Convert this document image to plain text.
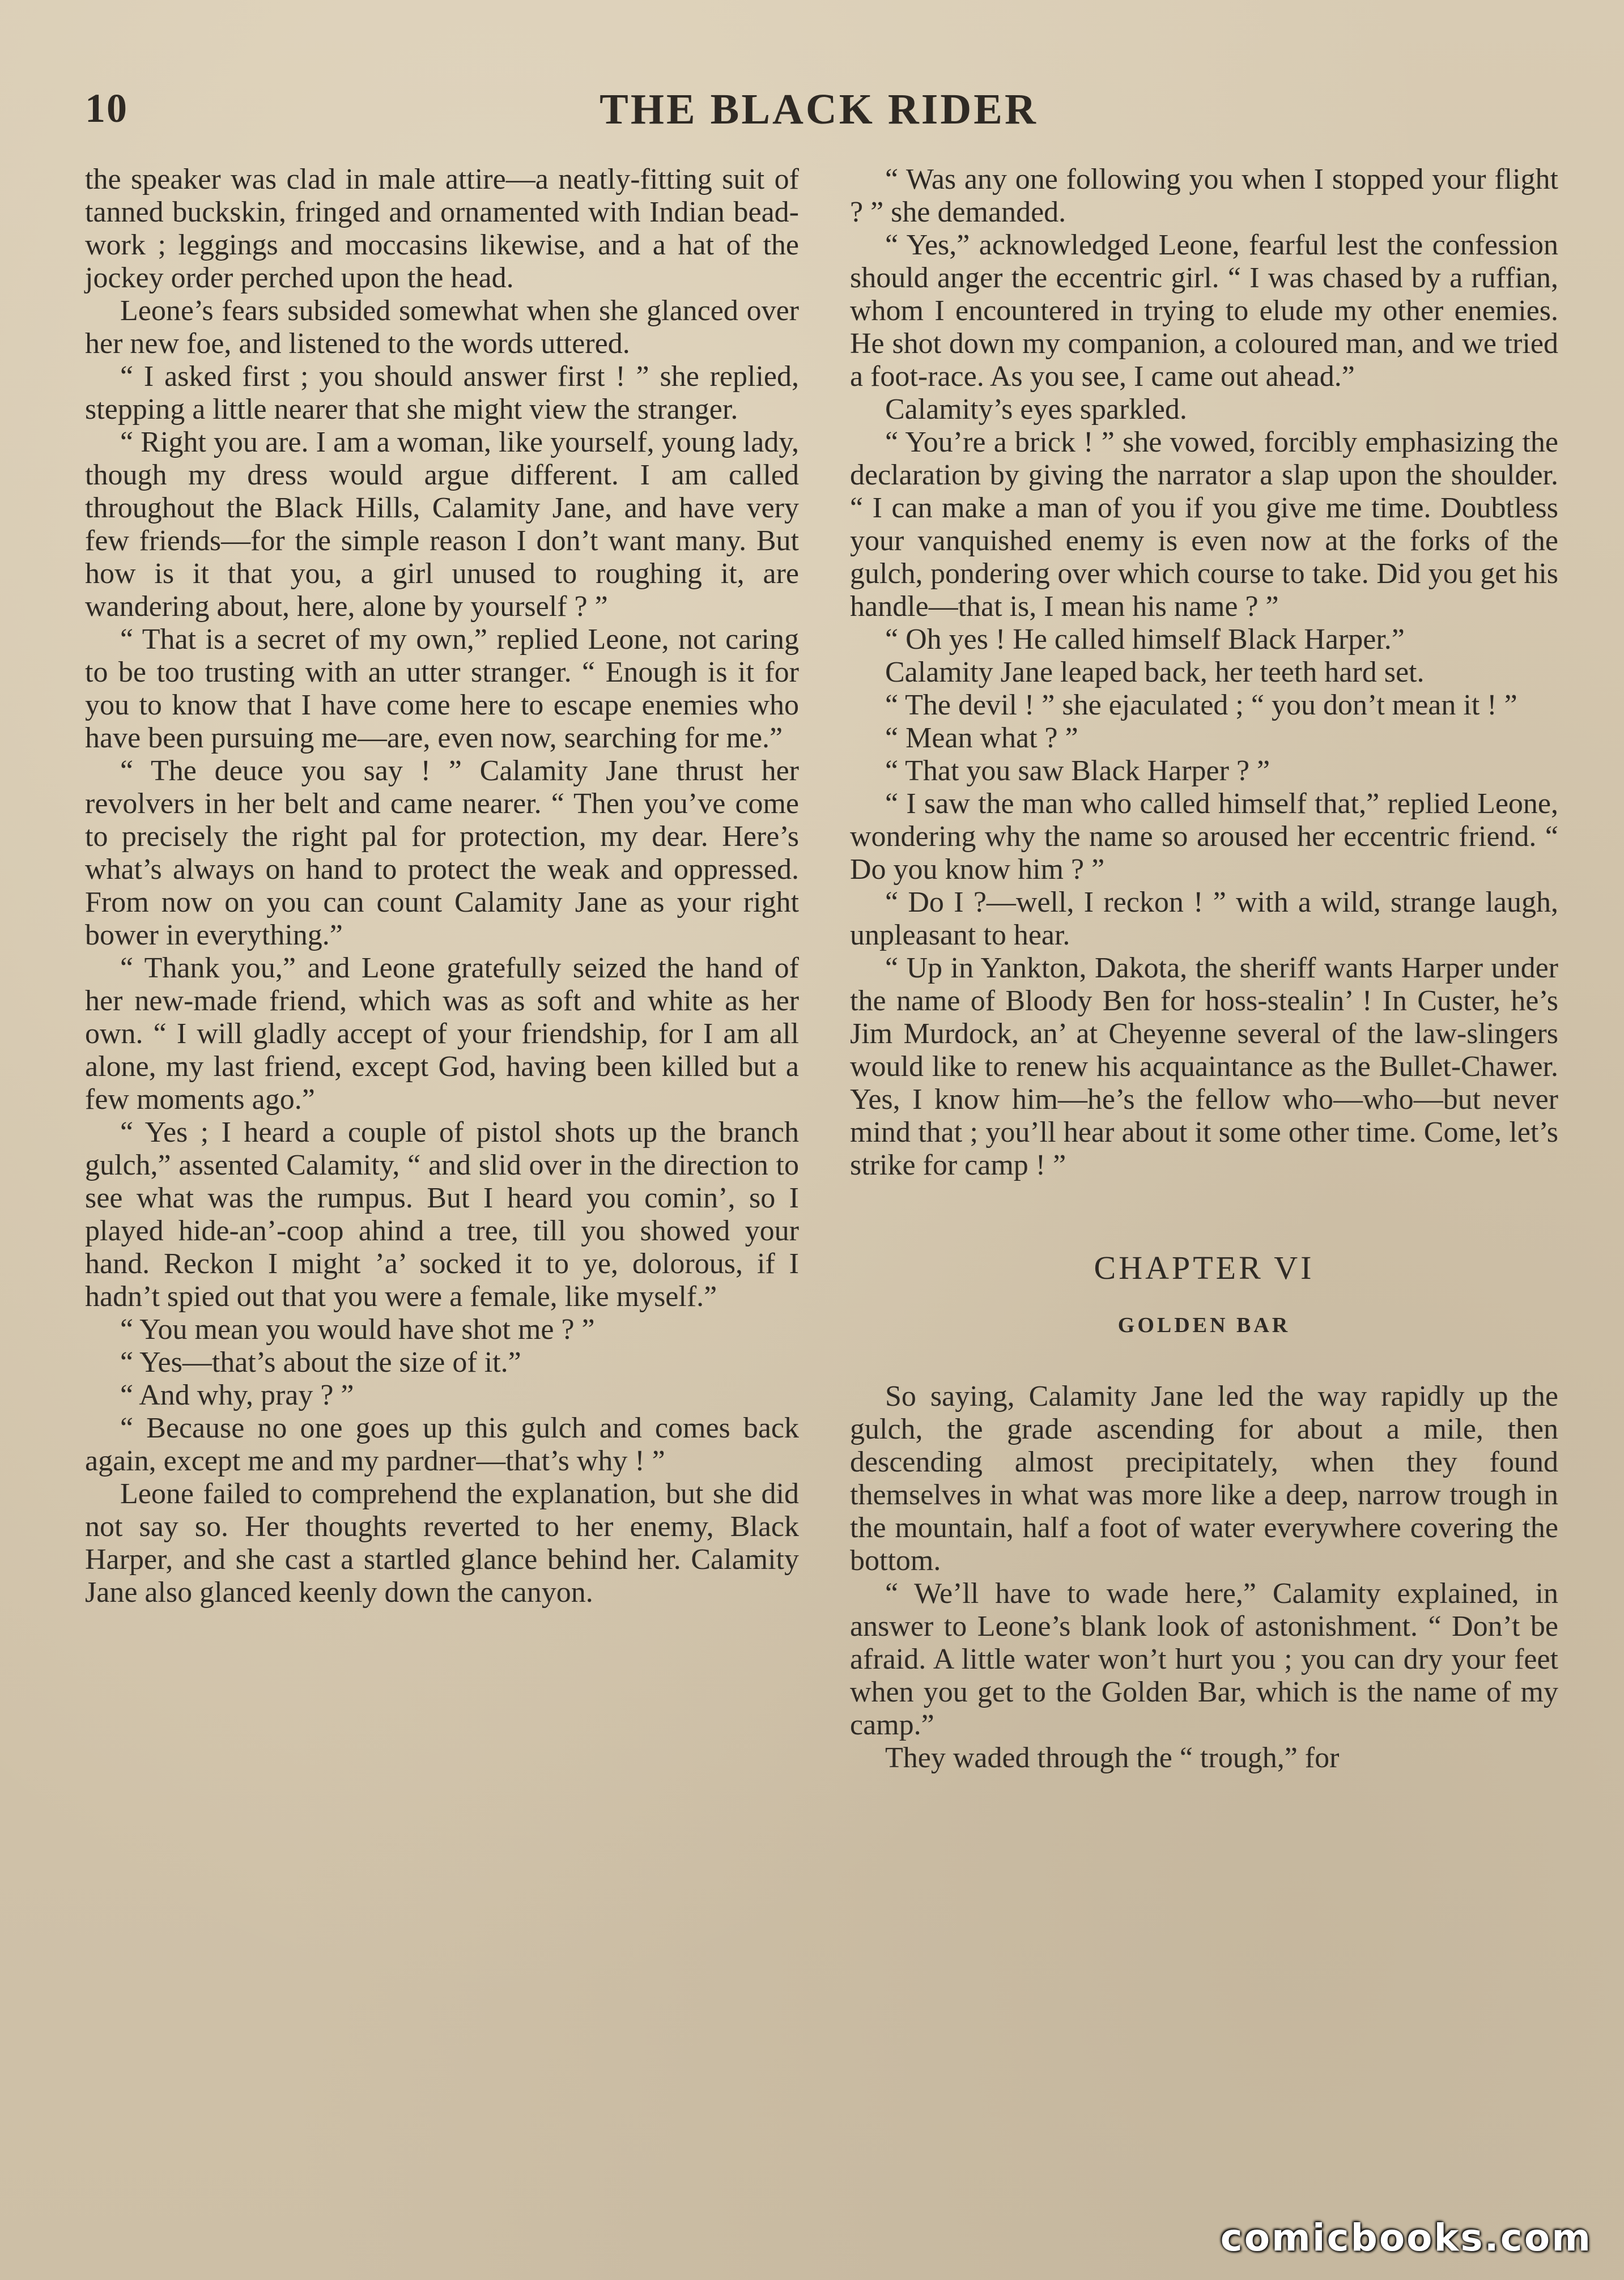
10	THE BLACK RIDER

the speaker was clad in male attire—a neatly-fitting suit of tanned buckskin, fringed and ornamented with Indian bead-work ; leggings and moccasins likewise, and a hat of the jockey order perched upon the head.

Leone’s fears subsided somewhat when she glanced over her new foe, and listened to the words uttered.

“ I asked first ; you should answer first ! ” she replied, stepping a little nearer that she might view the stranger.

“ Right you are. I am a woman, like yourself, young lady, though my dress would argue different. I am called throughout the Black Hills, Calamity Jane, and have very few friends—for the simple reason I don’t want many. But how is it that you, a girl unused to roughing it, are wandering about, here, alone by yourself ? ”

“ That is a secret of my own,” replied Leone, not caring to be too trusting with an utter stranger. “ Enough is it for you to know that I have come here to escape enemies who have been pursuing me—are, even now, searching for me.”

“ The deuce you say ! ” Calamity Jane thrust her revolvers in her belt and came nearer. “ Then you’ve come to precisely the right pal for protection, my dear. Here’s what’s always on hand to protect the weak and oppressed. From now on you can count Calamity Jane as your right bower in everything.”

“ Thank you,” and Leone gratefully seized the hand of her new-made friend, which was as soft and white as her own. “ I will gladly accept of your friendship, for I am all alone, my last friend, except God, having been killed but a few moments ago.”

“ Yes ; I heard a couple of pistol shots up the branch gulch,” assented Calamity, “ and slid over in the direction to see what was the rumpus. But I heard you comin’, so I played hide-an’-coop ahind a tree, till you showed your hand. Reckon I might ’a’ socked it to ye, dolorous, if I hadn’t spied out that you were a female, like myself.”

“ You mean you would have shot me ? ”

“ Yes—that’s about the size of it.”

“ And why, pray ? ”

“ Because no one goes up this gulch and comes back again, except me and my pardner—that’s why ! ”

Leone failed to comprehend the explanation, but she did not say so. Her thoughts reverted to her enemy, Black Harper, and she cast a startled glance behind her. Calamity Jane also glanced keenly down the canyon.

“ Was any one following you when I stopped your flight ? ” she demanded.

“ Yes,” acknowledged Leone, fearful lest the confession should anger the eccentric girl. “ I was chased by a ruffian, whom I encountered in trying to elude my other enemies. He shot down my companion, a coloured man, and we tried a foot-race. As you see, I came out ahead.”

Calamity’s eyes sparkled.

“ You’re a brick ! ” she vowed, forcibly emphasizing the declaration by giving the narrator a slap upon the shoulder. “ I can make a man of you if you give me time. Doubtless your vanquished enemy is even now at the forks of the gulch, pondering over which course to take. Did you get his handle—that is, I mean his name ? ”

“ Oh yes ! He called himself Black Harper.”

Calamity Jane leaped back, her teeth hard set.

“ The devil ! ” she ejaculated ; “ you don’t mean it ! ”

“ Mean what ? ”

“ That you saw Black Harper ? ”

“ I saw the man who called himself that,” replied Leone, wondering why the name so aroused her eccentric friend. “ Do you know him ? ”

“ Do I ?—well, I reckon ! ” with a wild, strange laugh, unpleasant to hear.

“ Up in Yankton, Dakota, the sheriff wants Harper under the name of Bloody Ben for hoss-stealin’ ! In Custer, he’s Jim Murdock, an’ at Cheyenne several of the law-slingers would like to renew his acquaintance as the Bullet-Chawer. Yes, I know him—he’s the fellow who—who—but never mind that ; you’ll hear about it some other time. Come, let’s strike for camp ! ”

CHAPTER VI
GOLDEN BAR

So saying, Calamity Jane led the way rapidly up the gulch, the grade ascending for about a mile, then descending almost precipitately, when they found themselves in what was more like a deep, narrow trough in the mountain, half a foot of water everywhere covering the bottom.

“ We’ll have to wade here,” Calamity explained, in answer to Leone’s blank look of astonishment. “ Don’t be afraid. A little water won’t hurt you ; you can dry your feet when you get to the Golden Bar, which is the name of my camp.”

They waded through the “ trough,” for

comicbooks.com
